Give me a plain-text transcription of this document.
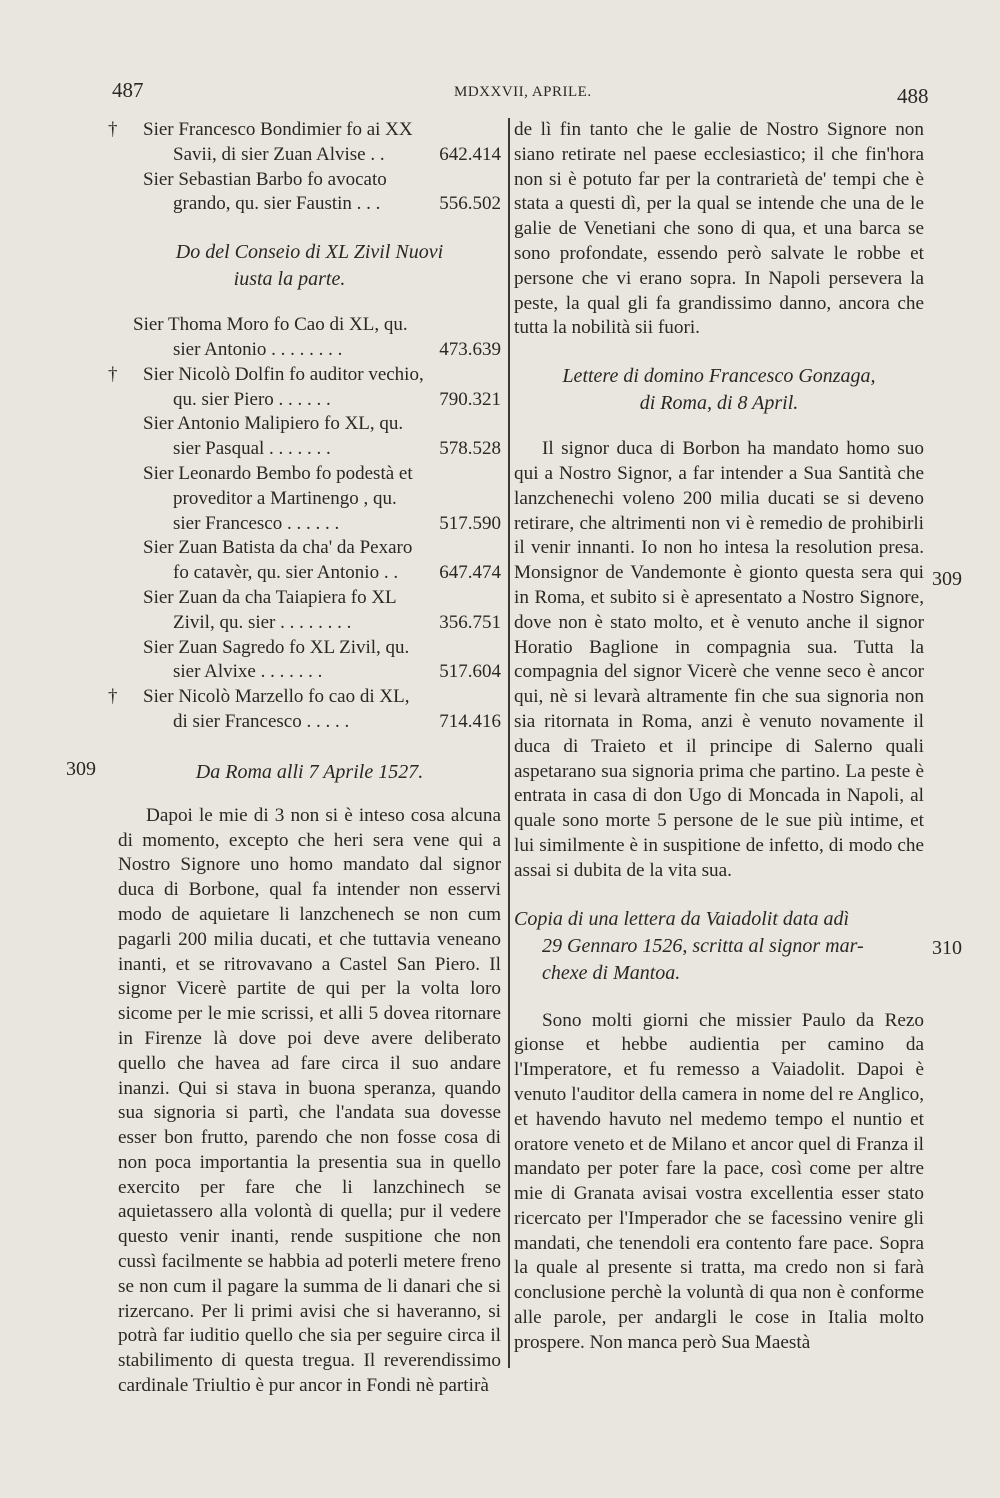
487	MDXXVII, APRILE.	488
309
309
310
†	Sier Francesco Bondimier fo ai XX
Savii, di sier Zuan Alvise . .	642.414
Sier Sebastian Barbo fo avocato
grando, qu. sier Faustin . . .	556.502
Do del Conseio di XL Zivil Nuovi
iusta la parte.
Sier Thoma Moro fo Cao di XL, qu.
sier Antonio . . . . . . . .	473.639
†	Sier Nicolò Dolfin fo auditor vechio,
qu. sier Piero . . . . . .	790.321
Sier Antonio Malipiero fo XL, qu.
sier Pasqual . . . . . . .	578.528
Sier Leonardo Bembo fo podestà et
proveditor a Martinengo , qu.
sier Francesco . . . . . .	517.590
Sier Zuan Batista da cha' da Pexaro
fo catavèr, qu. sier Antonio . . 647.474
Sier Zuan da cha Taiapiera fo XL
Zivil, qu. sier . . . . . . . .	356.751
Sier Zuan Sagredo fo XL Zivil, qu.
sier Alvixe . . . . . . .	517.604
†	Sier Nicolò Marzello fo cao di XL,
di sier Francesco . . . . .	714.416
Da Roma alli 7 Aprile 1527.
Dapoi le mie di 3 non si è inteso cosa alcuna di momento, excepto che heri sera vene qui a Nostro Signore uno homo mandato dal signor duca di Borbone, qual fa intender non esservi modo de aquietare li lanzchenech se non cum pagarli 200 milia ducati, et che tuttavia veneano inanti, et se ritrovavano a Castel San Piero. Il signor Vicerè partite de qui per la volta loro sicome per le mie scrissi, et alli 5 dovea ritornare in Firenze là dove poi deve avere deliberato quello che havea ad fare circa il suo andare inanzi. Qui si stava in buona speranza, quando sua signoria si partì, che l'andata sua dovesse esser bon frutto, parendo che non fosse cosa di non poca importantia la presentia sua in quello exercito per fare che li lanzchinech se aquietassero alla volontà di quella; pur il vedere questo venir inanti, rende suspitione che non cussì facilmente se habbia ad poterli metere freno se non cum il pagare la summa de li danari che si rizercano. Per li primi avisi che si haveranno, si potrà far iuditio quello che sia per seguire circa il stabilimento di questa tregua. Il reverendissimo cardinale Triultio è pur ancor in Fondi nè partirà
de lì fin tanto che le galie de Nostro Signore non siano retirate nel paese ecclesiastico; il che fin'hora non si è potuto far per la contrarietà de' tempi che è stata a questi dì, per la qual se intende che una de le galie de Venetiani che sono di qua, et una barca se sono profondate, essendo però salvate le robbe et persone che vi erano sopra. In Napoli persevera la peste, la qual gli fa grandissimo danno, ancora che tutta la nobilità sii fuori.
Lettere di domino Francesco Gonzaga,
di Roma, di 8 April.
Il signor duca di Borbon ha mandato homo suo qui a Nostro Signor, a far intender a Sua Santità che lanzchenechi voleno 200 milia ducati se si deveno retirare, che altrimenti non vi è remedio de prohibirli il venir innanti. Io non ho intesa la resolution presa. Monsignor de Vandemonte è gionto questa sera qui in Roma, et subito si è apresentato a Nostro Signore, dove non è stato molto, et è venuto anche il signor Horatio Baglione in compagnia sua. Tutta la compagnia del signor Vicerè che venne seco è ancor qui, nè si levarà altramente fin che sua signoria non sia ritornata in Roma, anzi è venuto novamente il duca di Traieto et il principe di Salerno quali aspetarano sua signoria prima che partino. La peste è entrata in casa di don Ugo di Moncada in Napoli, al quale sono morte 5 persone de le sue più intime, et lui similmente è in suspitione de infetto, di modo che assai si dubita de la vita sua.
Copia di una lettera da Vaiadolit data adì
29 Gennaro 1526, scritta al signor mar-
chexe di Mantoa.
Sono molti giorni che missier Paulo da Rezo gionse et hebbe audientia per camino da l'Imperatore, et fu remesso a Vaiadolit. Dapoi è venuto l'auditor della camera in nome del re Anglico, et havendo havuto nel medemo tempo el nuntio et oratore veneto et de Milano et ancor quel di Franza il mandato per poter fare la pace, così come per altre mie di Granata avisai vostra excellentia esser stato ricercato per l'Imperador che se facessino venire gli mandati, che tenendoli era contento fare pace. Sopra la quale al presente si tratta, ma credo non si farà conclusione perchè la voluntà di qua non è conforme alle parole, per andargli le cose in Italia molto prospere. Non manca però Sua Maestà
